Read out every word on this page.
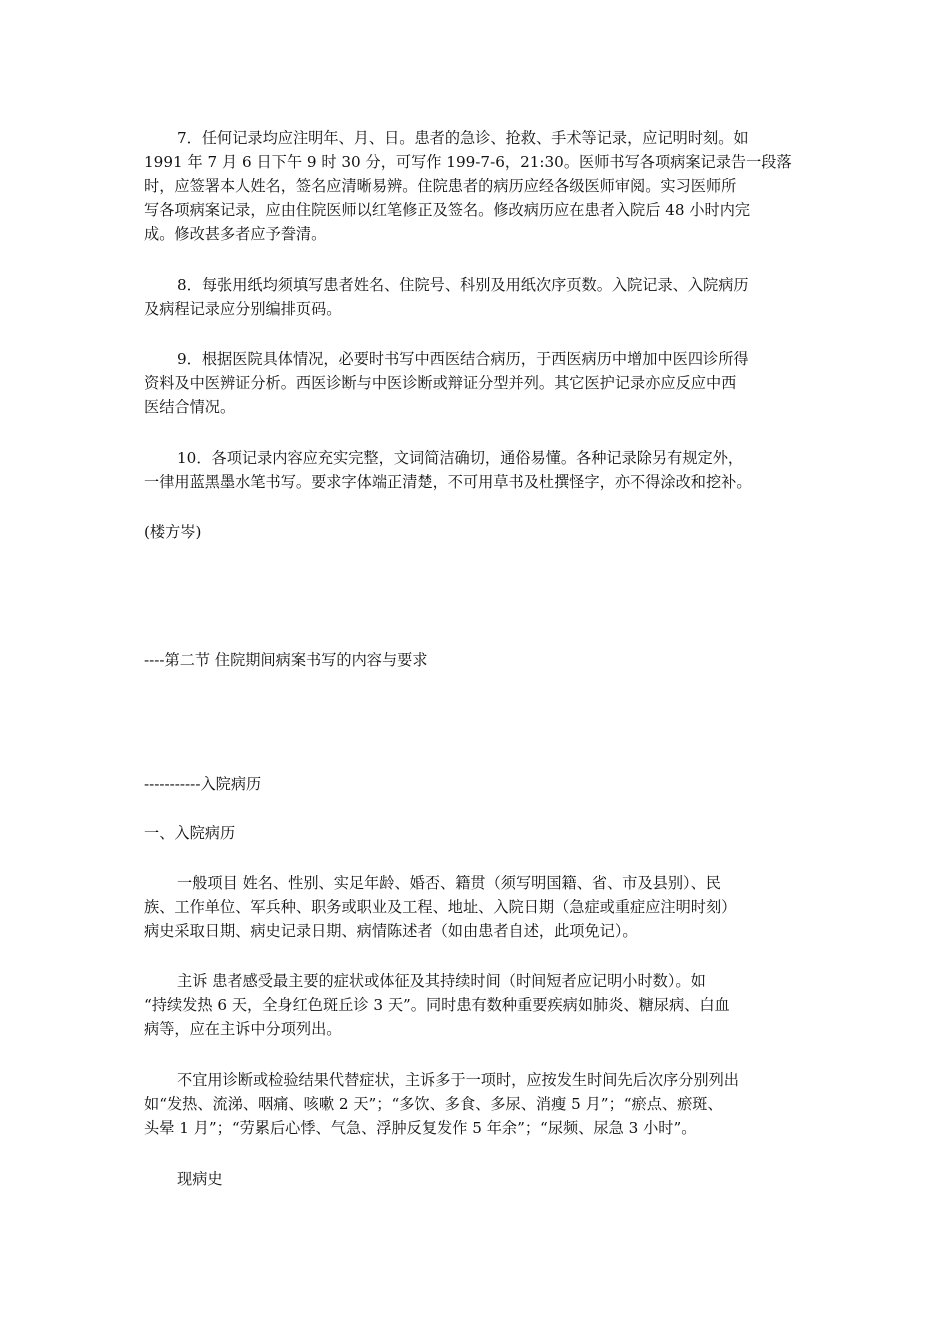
7．任何记录均应注明年、月、日。患者的急诊、抢救、手术等记录，应记明时刻。如
1991 年 7 月 6 日下午 9 时 30 分，可写作 199-7-6，21:30。医师书写各项病案记录告一段落
时，应签署本人姓名，签名应清晰易辨。住院患者的病历应经各级医师审阅。实习医师所
写各项病案记录，应由住院医师以红笔修正及签名。修改病历应在患者入院后 48 小时内完
成。修改甚多者应予誊清。
8．每张用纸均须填写患者姓名、住院号、科别及用纸次序页数。入院记录、入院病历
及病程记录应分别编排页码。
9．根据医院具体情况，必要时书写中西医结合病历，于西医病历中增加中医四诊所得
资料及中医辨证分析。西医诊断与中医诊断或辩证分型并列。其它医护记录亦应反应中西
医结合情况。
10．各项记录内容应充实完整，文词简洁确切，通俗易懂。各种记录除另有规定外，
一律用蓝黑墨水笔书写。要求字体端正清楚，不可用草书及杜撰怪字，亦不得涂改和挖补。
(楼方岑)
----第二节 住院期间病案书写的内容与要求
-----------入院病历
一、入院病历
一般项目 姓名、性别、实足年龄、婚否、籍贯（须写明国籍、省、市及县别）、民
族、工作单位、军兵种、职务或职业及工程、地址、入院日期（急症或重症应注明时刻）
病史采取日期、病史记录日期、病情陈述者（如由患者自述，此项免记）。
主诉 患者感受最主要的症状或体征及其持续时间（时间短者应记明小时数）。如
“持续发热 6 天，全身红色斑丘诊 3 天”。同时患有数种重要疾病如肺炎、糖尿病、白血
病等，应在主诉中分项列出。
不宜用诊断或检验结果代替症状，主诉多于一项时，应按发生时间先后次序分别列出
如“发热、流涕、咽痛、咳嗽 2 天”；“多饮、多食、多尿、消瘦 5 月”；“瘀点、瘀斑、
头晕 1 月”；“劳累后心悸、气急、浮肿反复发作 5 年余”；“尿频、尿急 3 小时”。
现病史
